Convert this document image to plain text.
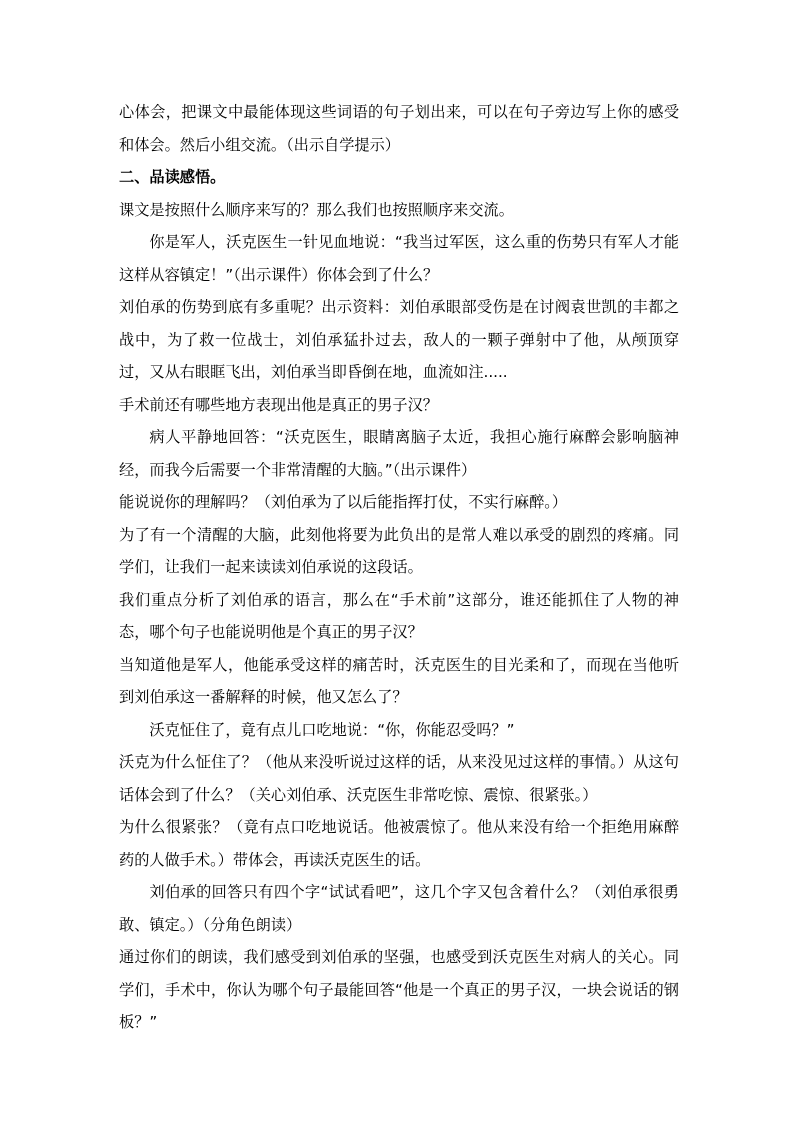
心体会，把课文中最能体现这些词语的句子划出来，可以在句子旁边写上你的感受和体会。然后小组交流。（出示自学提示）

二、品读感悟。

课文是按照什么顺序来写的？那么我们也按照顺序来交流。

你是军人，沃克医生一针见血地说：“我当过军医，这么重的伤势只有军人才能这样从容镇定！”（出示课件）你体会到了什么？

刘伯承的伤势到底有多重呢？出示资料：刘伯承眼部受伤是在讨阀袁世凯的丰都之战中，为了救一位战士，刘伯承猛扑过去，敌人的一颗子弹射中了他，从颅顶穿过，又从右眼眶飞出，刘伯承当即昏倒在地，血流如注.....

手术前还有哪些地方表现出他是真正的男子汉？

病人平静地回答：“沃克医生，眼睛离脑子太近，我担心施行麻醉会影响脑神经，而我今后需要一个非常清醒的大脑。”（出示课件）

能说说你的理解吗？（刘伯承为了以后能指挥打仗，不实行麻醉。）

为了有一个清醒的大脑，此刻他将要为此负出的是常人难以承受的剧烈的疼痛。同学们，让我们一起来读读刘伯承说的这段话。

我们重点分析了刘伯承的语言，那么在“手术前”这部分，谁还能抓住了人物的神态，哪个句子也能说明他是个真正的男子汉？

当知道他是军人，他能承受这样的痛苦时，沃克医生的目光柔和了，而现在当他听到刘伯承这一番解释的时候，他又怎么了？

沃克怔住了，竟有点儿口吃地说：“你，你能忍受吗？”

沃克为什么怔住了？（他从来没听说过这样的话，从来没见过这样的事情。）从这句话体会到了什么？（关心刘伯承、沃克医生非常吃惊、震惊、很紧张。）

为什么很紧张？（竟有点口吃地说话。他被震惊了。他从来没有给一个拒绝用麻醉药的人做手术。）带体会，再读沃克医生的话。

刘伯承的回答只有四个字“试试看吧”，这几个字又包含着什么？（刘伯承很勇敢、镇定。）（分角色朗读）

通过你们的朗读，我们感受到刘伯承的坚强，也感受到沃克医生对病人的关心。同学们，手术中，你认为哪个句子最能回答“他是一个真正的男子汉，一块会说话的钢板？”
